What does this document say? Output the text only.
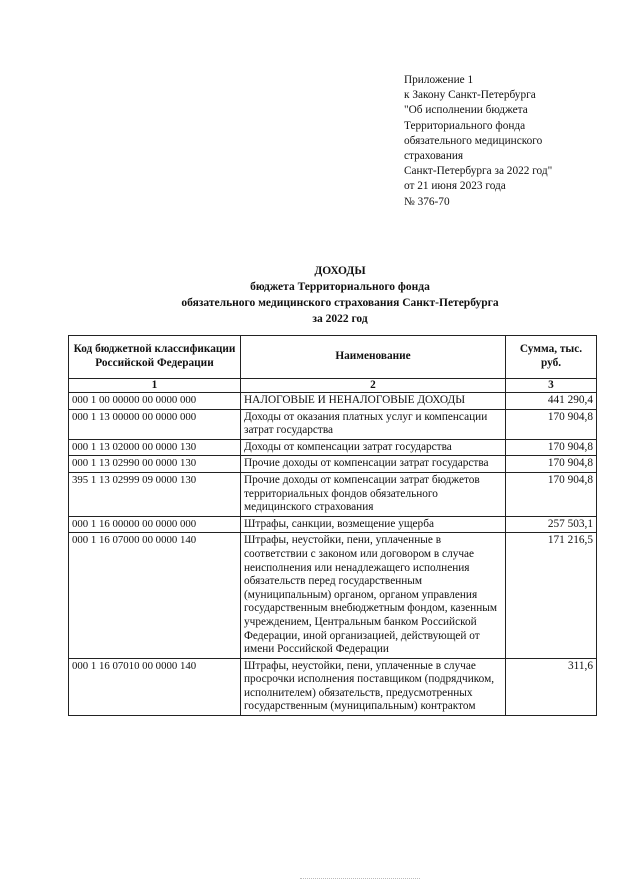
Приложение 1
к Закону Санкт-Петербурга
"Об исполнении бюджета
Территориального фонда
обязательного медицинского
страхования
Санкт-Петербурга за 2022 год"
от 21 июня 2023 года
№ 376-70
ДОХОДЫ
бюджета Территориального фонда
обязательного медицинского страхования Санкт-Петербурга
за 2022 год
Код бюджетной классификации Российской Федерации	Наименование	Сумма, тыс. руб.
1	2	3
000 1 00 00000 00 0000 000	НАЛОГОВЫЕ И НЕНАЛОГОВЫЕ ДОХОДЫ	441 290,4
000 1 13 00000 00 0000 000	Доходы от оказания платных услуг и компенсации затрат государства	170 904,8
000 1 13 02000 00 0000 130	Доходы от компенсации затрат государства	170 904,8
000 1 13 02990 00 0000 130	Прочие доходы от компенсации затрат государства	170 904,8
395 1 13 02999 09 0000 130	Прочие доходы от компенсации затрат бюджетов территориальных фондов обязательного медицинского страхования	170 904,8
000 1 16 00000 00 0000 000	Штрафы, санкции, возмещение ущерба	257 503,1
000 1 16 07000 00 0000 140	Штрафы, неустойки, пени, уплаченные в соответствии с законом или договором в случае неисполнения или ненадлежащего исполнения обязательств перед государственным (муниципальным) органом, органом управления государственным внебюджетным фондом, казенным учреждением, Центральным банком Российской Федерации, иной организацией, действующей от имени Российской Федерации	171 216,5
000 1 16 07010 00 0000 140	Штрафы, неустойки, пени, уплаченные в случае просрочки исполнения поставщиком (подрядчиком, исполнителем) обязательств, предусмотренных государственным (муниципальным) контрактом	311,6
